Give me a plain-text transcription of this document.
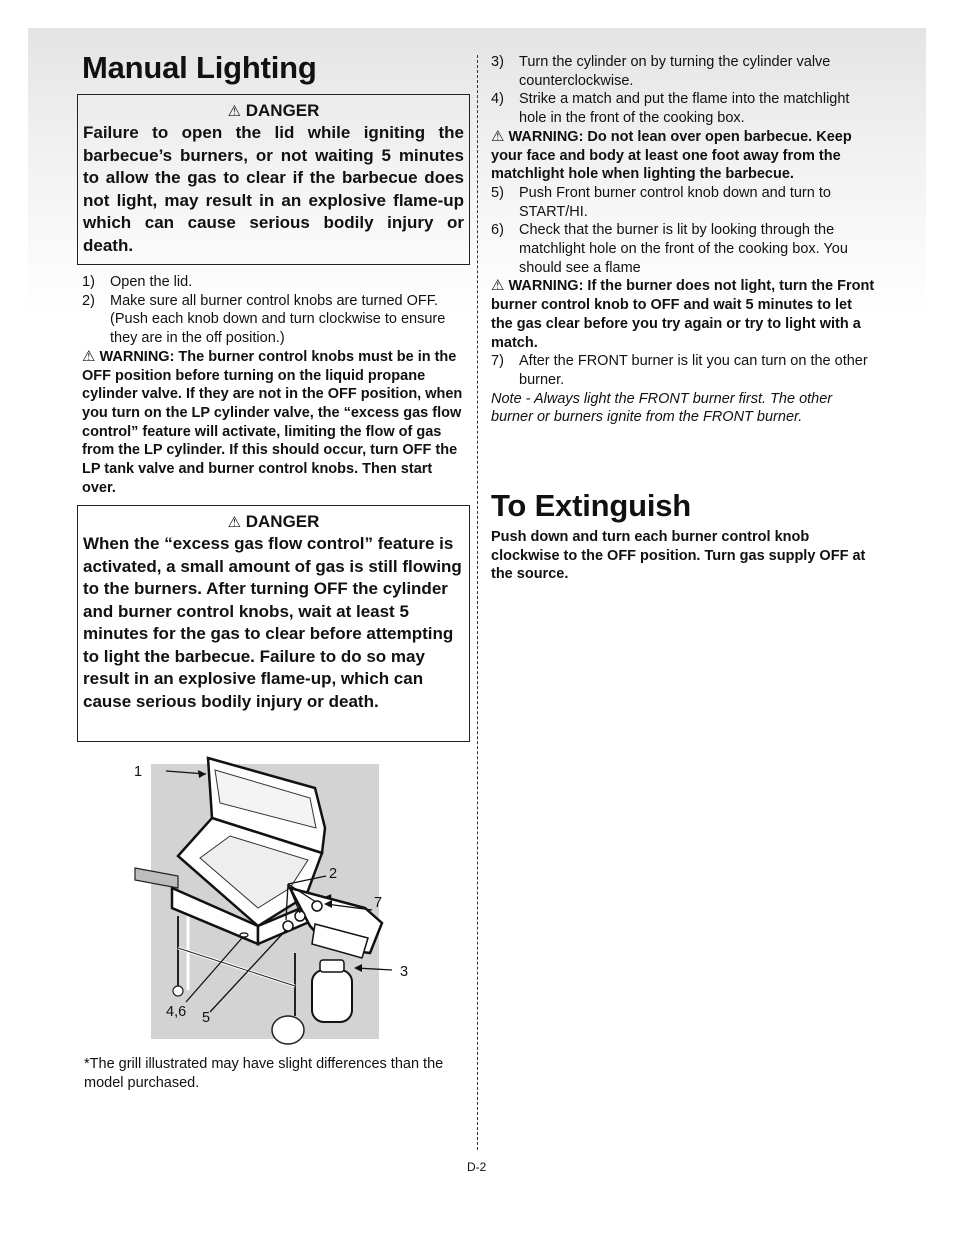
Manual Lighting
⚠ DANGER
Failure to open the lid while igniting the barbecue’s burners, or not waiting 5 minutes to allow the gas to clear if the barbecue does not light, may result in an explosive flame-up which can cause serious bodily injury or death.
1)	Open the lid.
2)	Make sure all burner control knobs are turned OFF. (Push each knob down and turn clockwise to ensure they are in the off position.)
⚠ WARNING: The burner control knobs must be in the OFF position before turning on the liquid propane cylinder valve. If they are not in the OFF position, when you turn on the LP cylinder valve, the “excess gas flow control” feature will activate, limiting the flow of gas from the LP cylinder. If this should occur, turn OFF the LP tank valve and burner control knobs. Then start over.
⚠ DANGER
When the “excess gas flow control” feature is activated, a small amount of gas is still flowing to the burners. After turning OFF the cylinder and burner control knobs, wait at least 5 minutes for the gas to clear before attempting to light the barbecue. Failure to do so may result in an explosive flame-up, which can cause serious bodily injury or death.
1
2
7
3
4,6 5
*The grill illustrated may have slight differences than the model purchased.
3)	Turn the cylinder on by turning the cylinder valve counterclockwise.
4)	Strike a match and put the flame into the matchlight hole in the front of the cooking box.
⚠ WARNING: Do not lean over open barbecue. Keep your face and body at least one foot away from the matchlight hole when lighting the barbecue.
5)	Push Front burner control knob down and turn to START/HI.
6)	Check that the burner is lit by looking through the matchlight hole on the front of the cooking box. You should see a flame
⚠ WARNING: If the burner does not light, turn the Front burner control knob to OFF and wait 5 minutes to let the gas clear before you try again or try to light with a match.
7)	After the FRONT burner is lit you can turn on the other burner.
Note - Always light the FRONT burner first. The other burner or burners ignite from the FRONT burner.
To Extinguish
Push down and turn each burner control knob clockwise to the OFF position. Turn gas supply OFF at the source.
D-2
